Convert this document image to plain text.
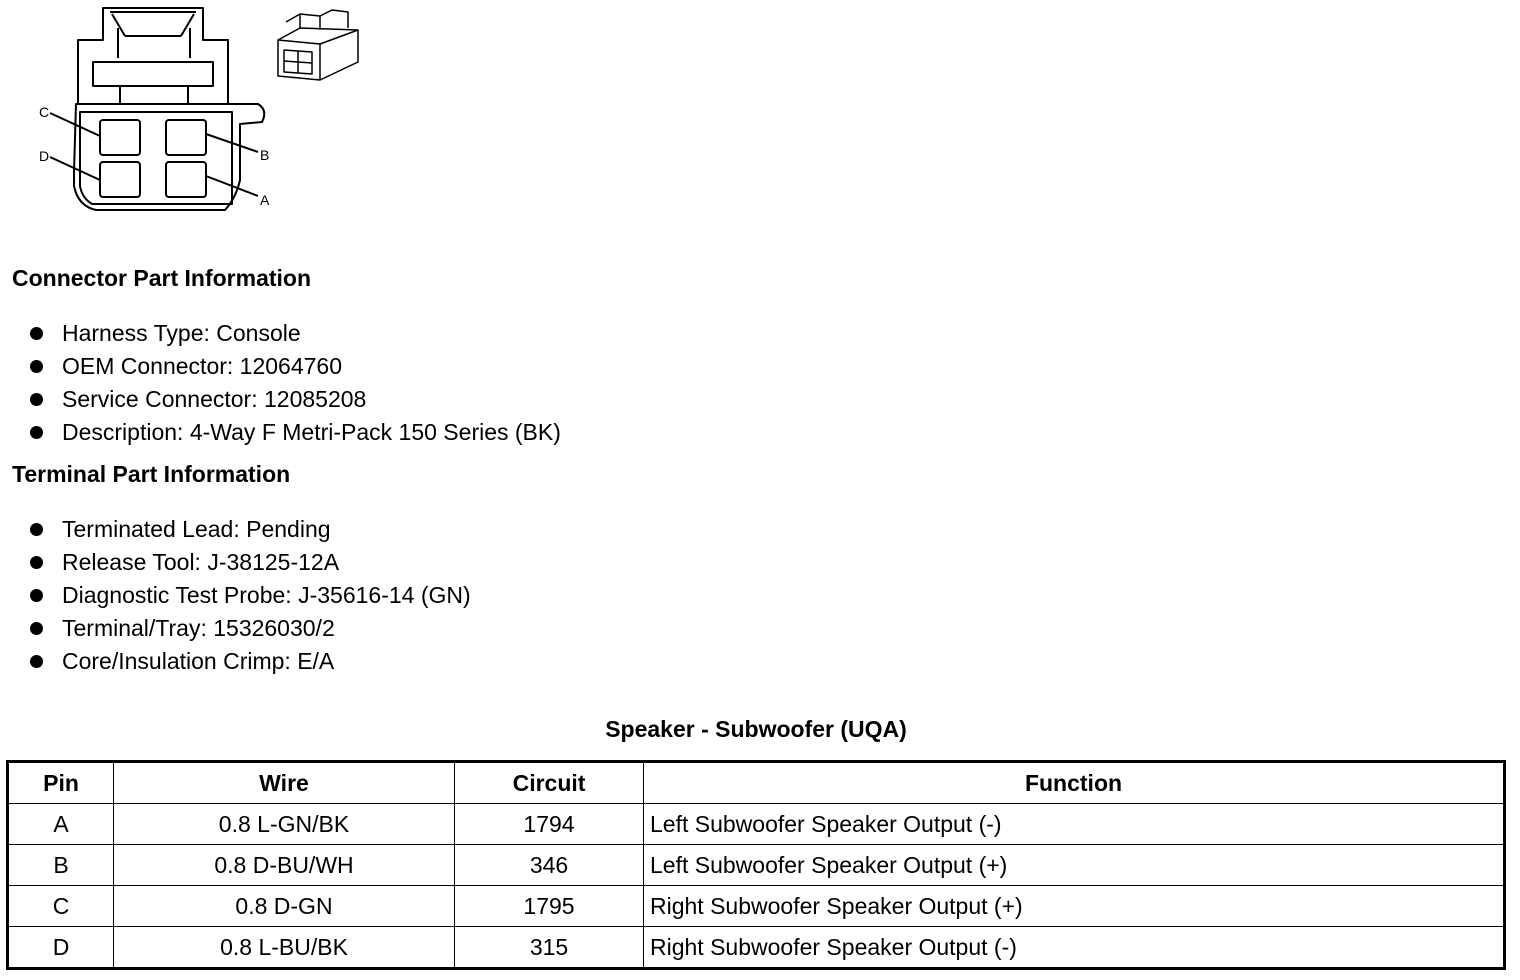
C
D	B
A
Connector Part Information
Harness Type: Console
OEM Connector: 12064760
Service Connector: 12085208
Description: 4-Way F Metri-Pack 150 Series (BK)
Terminal Part Information
Terminated Lead: Pending
Release Tool: J-38125-12A
Diagnostic Test Probe: J-35616-14 (GN)
Terminal/Tray: 15326030/2
Core/Insulation Crimp: E/A
Speaker - Subwoofer (UQA)
Pin	Wire	Circuit	Function
A	0.8 L-GN/BK	1794	Left Subwoofer Speaker Output (-)
B	0.8 D-BU/WH	346	Left Subwoofer Speaker Output (+)
C	0.8 D-GN	1795	Right Subwoofer Speaker Output (+)
D	0.8 L-BU/BK	315	Right Subwoofer Speaker Output (-)
